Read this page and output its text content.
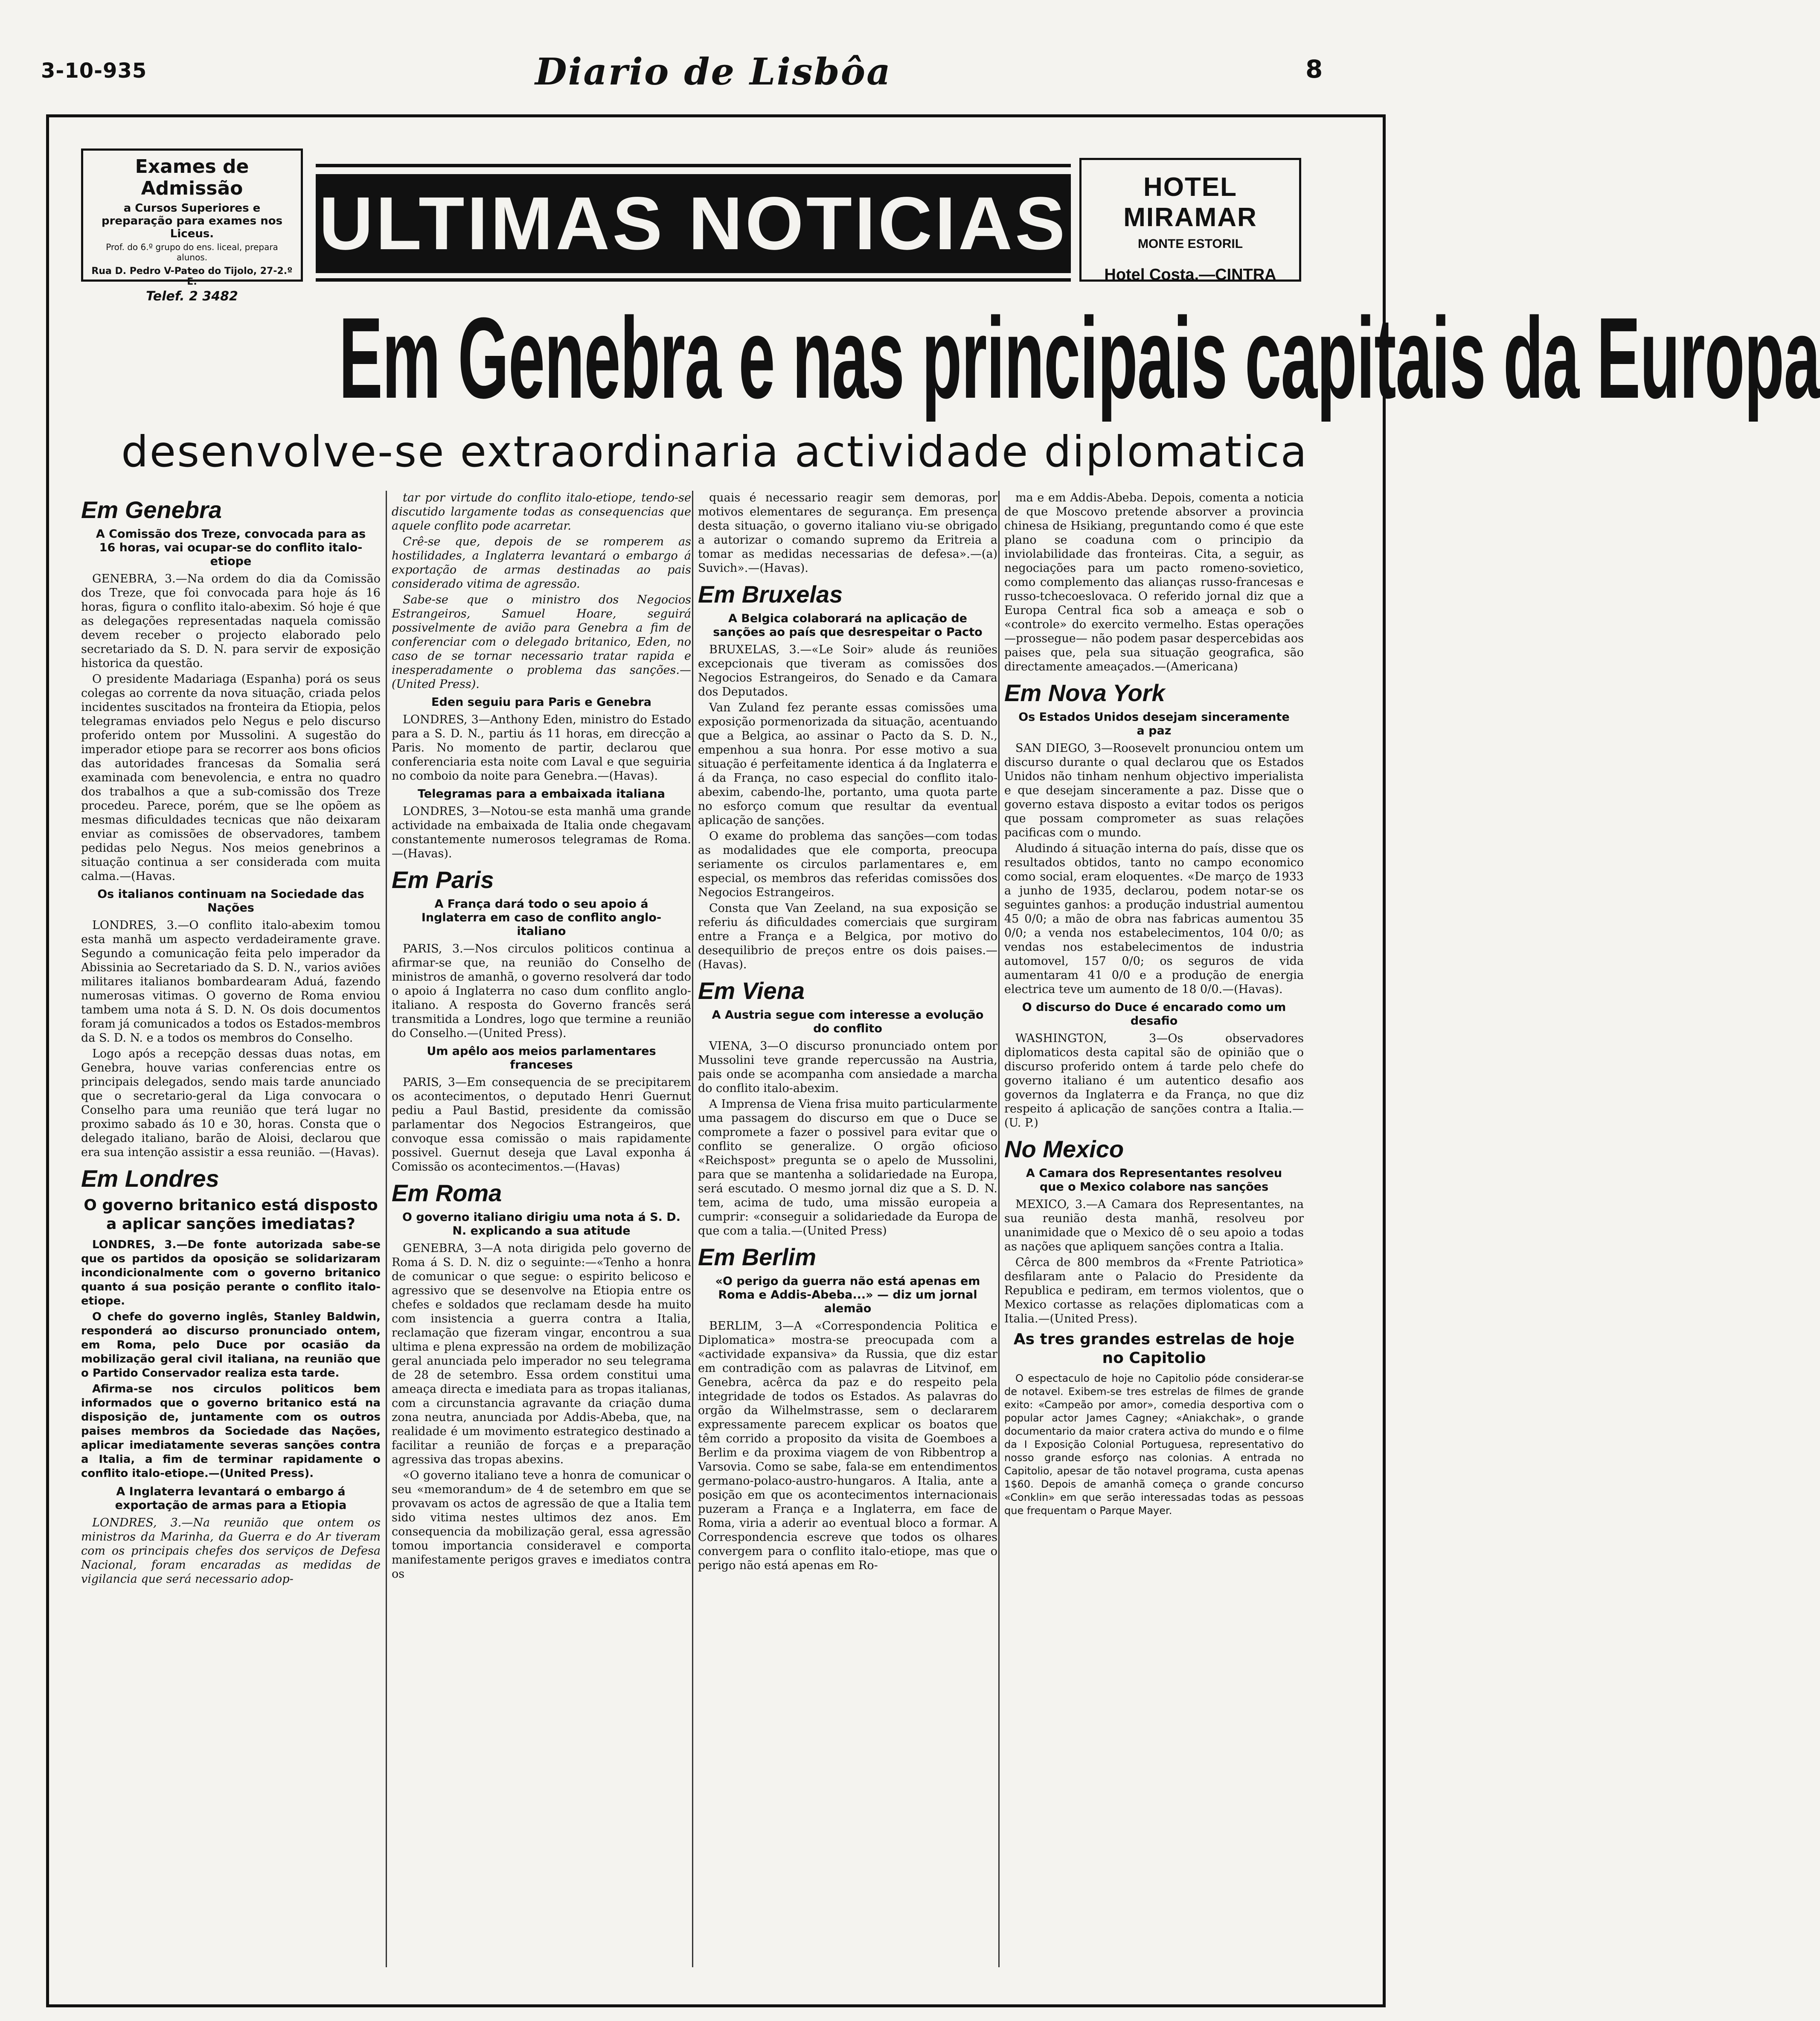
3-10-935	Diario de Lisbôa	8
Exames de Admissão
a Cursos Superiores e preparação para exames nos Liceus.
Prof. do 6.º grupo do ens. liceal, prepara alunos.
Rua D. Pedro V-Pateo do Tijolo, 27-2.º E.
Telef. 2 3482
ULTIMAS NOTICIAS	HOTEL MIRAMAR
MONTE ESTORIL
Hotel Costa.—CINTRA
Em Genebra e nas principais capitais da Europa
desenvolve-se extraordinaria actividade diplomatica
Em Genebra
A Comissão dos Treze, convocada para as 16 horas, vai ocupar-se do conflito italo-etiope
GENEBRA, 3.—Na ordem do dia da Comissão dos Treze, que foi convocada para hoje ás 16 horas, figura o conflito italo-abexim. Só hoje é que as delegações representadas naquela comissão devem receber o projecto elaborado pelo secretariado da S. D. N. para servir de exposição historica da questão.
O presidente Madariaga (Espanha) porá os seus colegas ao corrente da nova situação, criada pelos incidentes suscitados na fronteira da Etiopia, pelos telegramas enviados pelo Negus e pelo discurso proferido ontem por Mussolini. A sugestão do imperador etiope para se recorrer aos bons oficios das autoridades francesas da Somalia será examinada com benevolencia, e entra no quadro dos trabalhos a que a sub-comissão dos Treze procedeu. Parece, porém, que se lhe opõem as mesmas dificuldades tecnicas que não deixaram enviar as comissões de observadores, tambem pedidas pelo Negus. Nos meios genebrinos a situação continua a ser considerada com muita calma.—(Havas.
Os italianos continuam na Sociedade das Nações
LONDRES, 3.—O conflito italo-abexim tomou esta manhã um aspecto verdadeiramente grave. Segundo a comunicação feita pelo imperador da Abissinia ao Secretariado da S. D. N., varios aviões militares italianos bombardearam Aduá, fazendo numerosas vitimas. O governo de Roma enviou tambem uma nota á S. D. N. Os dois documentos foram já comunicados a todos os Estados-membros da S. D. N. e a todos os membros do Conselho.
Logo após a recepção dessas duas notas, em Genebra, houve varias conferencias entre os principais delegados, sendo mais tarde anunciado que o secretario-geral da Liga convocara o Conselho para uma reunião que terá lugar no proximo sabado ás 10 e 30, horas. Consta que o delegado italiano, barão de Aloisi, declarou que era sua intenção assistir a essa reunião. —(Havas).
Em Londres
O governo britanico está disposto a aplicar sanções imediatas?
LONDRES, 3.—De fonte autorizada sabe-se que os partidos da oposição se solidarizaram incondicionalmente com o governo britanico quanto á sua posição perante o conflito italo-etiope.
O chefe do governo inglês, Stanley Baldwin, responderá ao discurso pronunciado ontem, em Roma, pelo Duce por ocasião da mobilização geral civil italiana, na reunião que o Partido Conservador realiza esta tarde.
Afirma-se nos circulos politicos bem informados que o governo britanico está na disposição de, juntamente com os outros paises membros da Sociedade das Nações, aplicar imediatamente severas sanções contra a Italia, a fim de terminar rapidamente o conflito italo-etiope.—(United Press).
A Inglaterra levantará o embargo á exportação de armas para a Etiopia
LONDRES, 3.—Na reunião que ontem os ministros da Marinha, da Guerra e do Ar tiveram com os principais chefes dos serviços de Defesa Nacional, foram encaradas as medidas de vigilancia que será necessario adop-
tar por virtude do conflito italo-etiope, tendo-se discutido largamente todas as consequencias que aquele conflito pode acarretar.
Crê-se que, depois de se romperem as hostilidades, a Inglaterra levantará o embargo á exportação de armas destinadas ao pais considerado vitima de agressão.
Sabe-se que o ministro dos Negocios Estrangeiros, Samuel Hoare, seguirá possivelmente de avião para Genebra a fim de conferenciar com o delegado britanico, Eden, no caso de se tornar necessario tratar rapida e inesperadamente o problema das sanções.—(United Press).
Eden seguiu para Paris e Genebra
LONDRES, 3—Anthony Eden, ministro do Estado para a S. D. N., partiu ás 11 horas, em direcção a Paris. No momento de partir, declarou que conferenciaria esta noite com Laval e que seguiria no comboio da noite para Genebra.—(Havas).
Telegramas para a embaixada italiana
LONDRES, 3—Notou-se esta manhã uma grande actividade na embaixada de Italia onde chegavam constantemente numerosos telegramas de Roma.—(Havas).
Em Paris
A França dará todo o seu apoio á Inglaterra em caso de conflito anglo-italiano
PARIS, 3.—Nos circulos politicos continua a afirmar-se que, na reunião do Conselho de ministros de amanhã, o governo resolverá dar todo o apoio á Inglaterra no caso dum conflito anglo-italiano. A resposta do Governo francês será transmitida a Londres, logo que termine a reunião do Conselho.—(United Press).
Um apêlo aos meios parlamentares franceses
PARIS, 3—Em consequencia de se precipitarem os acontecimentos, o deputado Henri Guernut pediu a Paul Bastid, presidente da comissão parlamentar dos Negocios Estrangeiros, que convoque essa comissão o mais rapidamente possivel. Guernut deseja que Laval exponha á Comissão os acontecimentos.—(Havas)
Em Roma
O governo italiano dirigiu uma nota á S. D. N. explicando a sua atitude
GENEBRA, 3—A nota dirigida pelo governo de Roma á S. D. N. diz o seguinte:—«Tenho a honra de comunicar o que segue: o espirito belicoso e agressivo que se desenvolve na Etiopia entre os chefes e soldados que reclamam desde ha muito com insistencia a guerra contra a Italia, reclamação que fizeram vingar, encontrou a sua ultima e plena expressão na ordem de mobilização geral anunciada pelo imperador no seu telegrama de 28 de setembro. Essa ordem constitui uma ameaça directa e imediata para as tropas italianas, com a circunstancia agravante da criação duma zona neutra, anunciada por Addis-Abeba, que, na realidade é um movimento estrategico destinado a facilitar a reunião de forças e a preparação agressiva das tropas abexins.
«O governo italiano teve a honra de comunicar o seu «memorandum» de 4 de setembro em que se provavam os actos de agressão de que a Italia tem sido vitima nestes ultimos dez anos. Em consequencia da mobilização geral, essa agressão tomou importancia consideravel e comporta manifestamente perigos graves e imediatos contra os
quais é necessario reagir sem demoras, por motivos elementares de segurança. Em presença desta situação, o governo italiano viu-se obrigado a autorizar o comando supremo da Eritreia a tomar as medidas necessarias de defesa».—(a) Suvich».—(Havas).
Em Bruxelas
A Belgica colaborará na aplicação de sanções ao país que desrespeitar o Pacto
BRUXELAS, 3.—«Le Soir» alude ás reuniões excepcionais que tiveram as comissões dos Negocios Estrangeiros, do Senado e da Camara dos Deputados.
Van Zuland fez perante essas comissões uma exposição pormenorizada da situação, acentuando que a Belgica, ao assinar o Pacto da S. D. N., empenhou a sua honra. Por esse motivo a sua situação é perfeitamente identica á da Inglaterra e á da França, no caso especial do conflito italo-abexim, cabendo-lhe, portanto, uma quota parte no esforço comum que resultar da eventual aplicação de sanções.
O exame do problema das sanções—com todas as modalidades que ele comporta, preocupa seriamente os circulos parlamentares e, em especial, os membros das referidas comissões dos Negocios Estrangeiros.
Consta que Van Zeeland, na sua exposição se referiu ás dificuldades comerciais que surgiram entre a França e a Belgica, por motivo do desequilibrio de preços entre os dois paises.—(Havas).
Em Viena
A Austria segue com interesse a evolução do conflito
VIENA, 3—O discurso pronunciado ontem por Mussolini teve grande repercussão na Austria, pais onde se acompanha com ansiedade a marcha do conflito italo-abexim.
A Imprensa de Viena frisa muito particularmente uma passagem do discurso em que o Duce se compromete a fazer o possivel para evitar que o conflito se generalize. O orgão oficioso «Reichspost» pregunta se o apelo de Mussolini, para que se mantenha a solidariedade na Europa, será escutado. O mesmo jornal diz que a S. D. N. tem, acima de tudo, uma missão europeia a cumprir: «conseguir a solidariedade da Europa de que com a talia.—(United Press)
Em Berlim
«O perigo da guerra não está apenas em Roma e Addis-Abeba...» — diz um jornal alemão
BERLIM, 3—A «Correspondencia Politica e Diplomatica» mostra-se preocupada com a «actividade expansiva» da Russia, que diz estar em contradição com as palavras de Litvinof, em Genebra, acêrca da paz e do respeito pela integridade de todos os Estados. As palavras do orgão da Wilhelmstrasse, sem o declararem expressamente parecem explicar os boatos que têm corrido a proposito da visita de Goemboes a Berlim e da proxima viagem de von Ribbentrop a Varsovia. Como se sabe, fala-se em entendimentos germano-polaco-austro-hungaros. A Italia, ante a posição em que os acontecimentos internacionais puzeram a França e a Inglaterra, em face de Roma, viria a aderir ao eventual bloco a formar. A Correspondencia escreve que todos os olhares convergem para o conflito italo-etiope, mas que o perigo não está apenas em Ro-
ma e em Addis-Abeba. Depois, comenta a noticia de que Moscovo pretende absorver a provincia chinesa de Hsikiang, preguntando como é que este plano se coaduna com o principio da inviolabilidade das fronteiras. Cita, a seguir, as negociações para um pacto romeno-sovietico, como complemento das alianças russo-francesas e russo-tchecoeslovaca. O referido jornal diz que a Europa Central fica sob a ameaça e sob o «controle» do exercito vermelho. Estas operações—prossegue— não podem pasar despercebidas aos paises que, pela sua situação geografica, são directamente ameaçados.—(Americana)
Em Nova York
Os Estados Unidos desejam sinceramente a paz
SAN DIEGO, 3—Roosevelt pronunciou ontem um discurso durante o qual declarou que os Estados Unidos não tinham nenhum objectivo imperialista e que desejam sinceramente a paz. Disse que o governo estava disposto a evitar todos os perigos que possam comprometer as suas relações pacificas com o mundo.
Aludindo á situação interna do país, disse que os resultados obtidos, tanto no campo economico como social, eram eloquentes. «De março de 1933 a junho de 1935, declarou, podem notar-se os seguintes ganhos: a produção industrial aumentou 45 0/0; a mão de obra nas fabricas aumentou 35 0/0; a venda nos estabelecimentos, 104 0/0; as vendas nos estabelecimentos de industria automovel, 157 0/0; os seguros de vida aumentaram 41 0/0 e a produção de energia electrica teve um aumento de 18 0/0.—(Havas).
O discurso do Duce é encarado como um desafio
WASHINGTON, 3—Os observadores diplomaticos desta capital são de opinião que o discurso proferido ontem á tarde pelo chefe do governo italiano é um autentico desafio aos governos da Inglaterra e da França, no que diz respeito á aplicação de sanções contra a Italia.—(U. P.)
No Mexico
A Camara dos Representantes resolveu que o Mexico colabore nas sanções
MEXICO, 3.—A Camara dos Representantes, na sua reunião desta manhã, resolveu por unanimidade que o Mexico dê o seu apoio a todas as nações que apliquem sanções contra a Italia.
Cêrca de 800 membros da «Frente Patriotica» desfilaram ante o Palacio do Presidente da Republica e pediram, em termos violentos, que o Mexico cortasse as relações diplomaticas com a Italia.—(United Press).
As tres grandes estrelas de hoje no Capitolio
O espectaculo de hoje no Capitolio póde considerar-se de notavel. Exibem-se tres estrelas de filmes de grande exito: «Campeão por amor», comedia desportiva com o popular actor James Cagney; «Aniakchak», o grande documentario da maior cratera activa do mundo e o filme da I Exposição Colonial Portuguesa, representativo do nosso grande esforço nas colonias. A entrada no Capitolio, apesar de tão notavel programa, custa apenas 1$60. Depois de amanhã começa o grande concurso «Conklin» em que serão interessadas todas as pessoas que frequentam o Parque Mayer.
